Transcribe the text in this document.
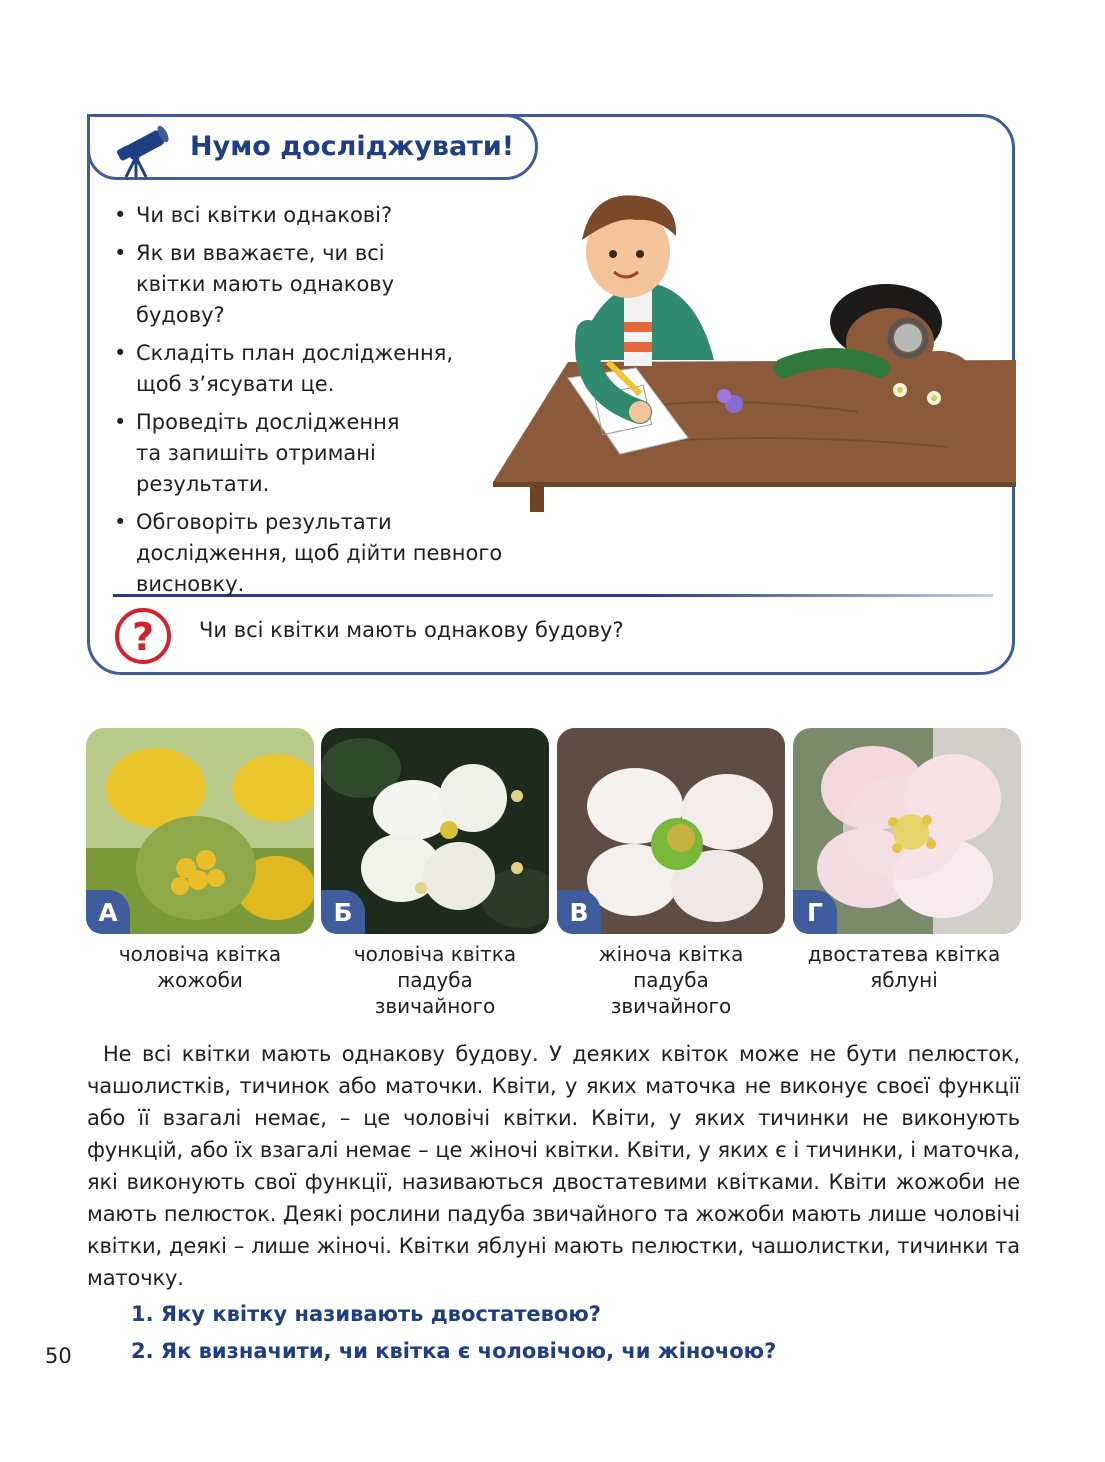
Нумо досліджувати!
• Чи всі квітки однакові?
• Як ви вважаєте, чи всі квітки мають однакову будову?
• Складіть план дослідження, щоб зʼясувати це.
• Проведіть дослідження та запишіть отримані результати.
• Обговоріть результати дослідження, щоб дійти певного висновку.
? Чи всі квітки мають однакову будову?
А	Б	В	Г
чоловіча квітка жожоби
чоловіча квітка падуба звичайного
жіноча квітка падуба звичайного
двостатева квітка яблуні

Не всі квітки мають однакову будову. У деяких квіток може не бути пелюсток, чашолистків, тичинок або маточки. Квіти, у яких маточка не виконує своєї функції або її взагалі немає, – це чоловічі квітки. Квіти, у яких тичинки не виконують функцій, або їх взагалі немає – це жіночі квітки. Квіти, у яких є і тичинки, і маточка, які виконують свої функції, називаються двостатевими квітками. Квіти жожоби не мають пелюсток. Деякі рослини падуба звичайного та жожоби мають лише чоловічі квітки, деякі – лише жіночі. Квітки яблуні мають пелюстки, чашолистки, тичинки та маточку.

1. Яку квітку називають двостатевою?
2. Як визначити, чи квітка є чоловічою, чи жіночою?
50
